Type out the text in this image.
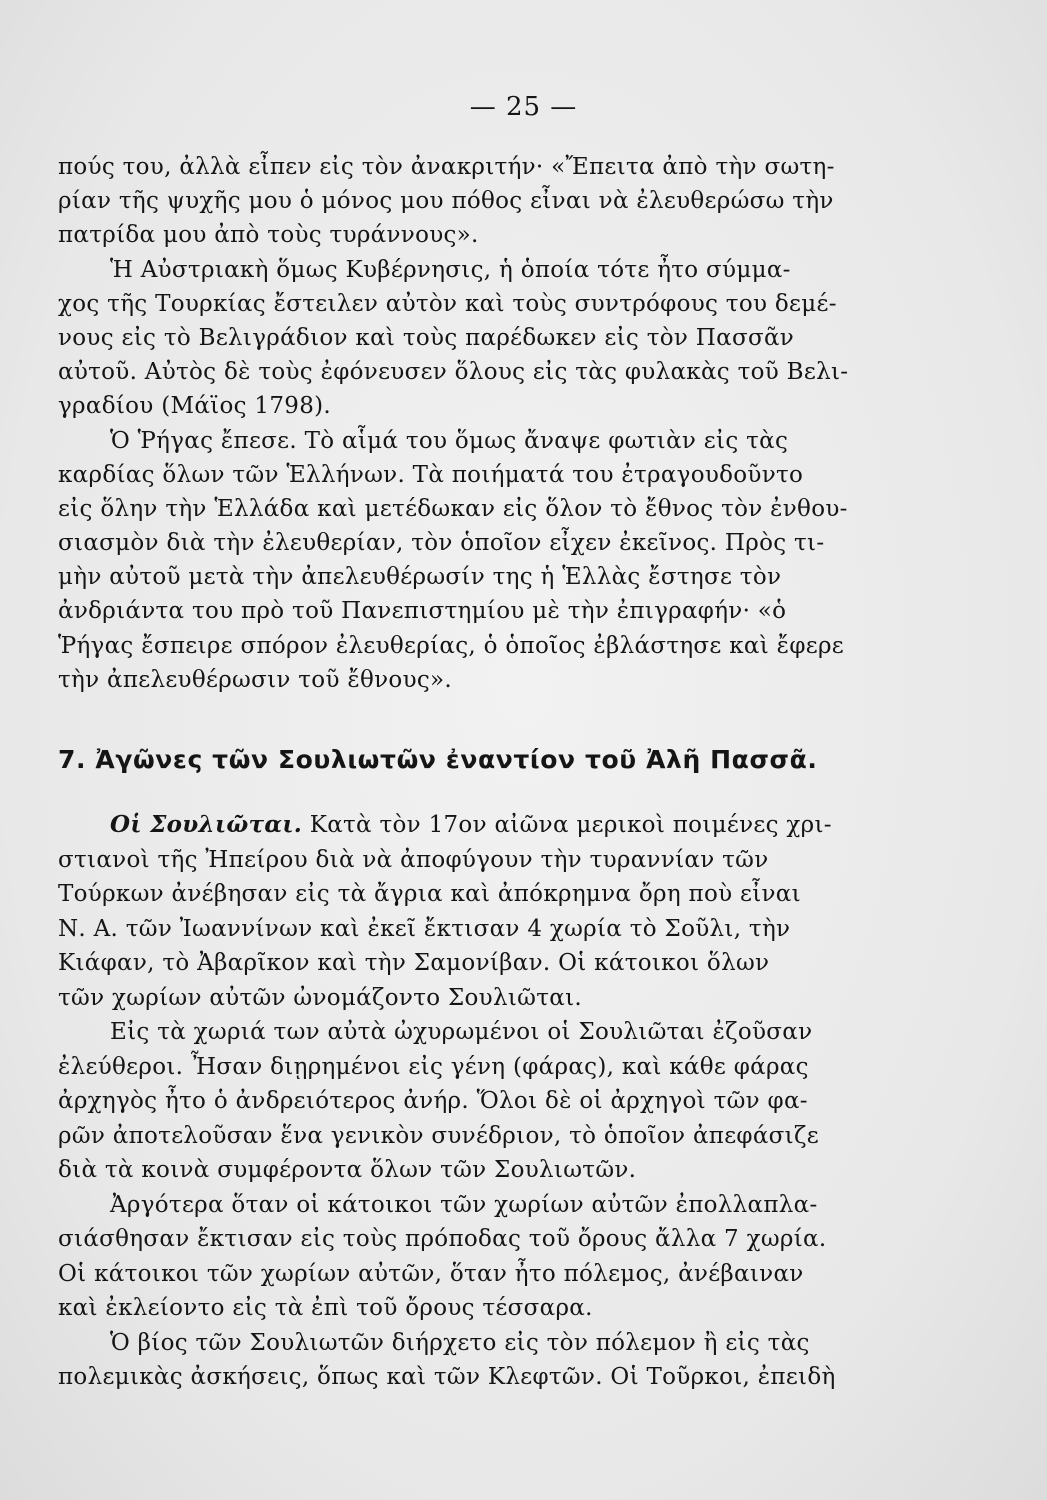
— 25 —
πούς του, ἀλλὰ εἶπεν εἰς τὸν ἀνακριτήν· «Ἔπειτα ἀπὸ τὴν σωτη-
ρίαν τῆς ψυχῆς μου ὁ μόνος μου πόθος εἶναι νὰ ἐλευθερώσω τὴν
πατρίδα μου ἀπὸ τοὺς τυράννους».
Ἡ Αὐστριακὴ ὅμως Κυβέρνησις, ἡ ὁποία τότε ἦτο σύμμα-
χος τῆς Τουρκίας ἔστειλεν αὐτὸν καὶ τοὺς συντρόφους του δεμέ-
νους εἰς τὸ Βελιγράδιον καὶ τοὺς παρέδωκεν εἰς τὸν Πασσᾶν
αὐτοῦ. Αὐτὸς δὲ τοὺς ἐφόνευσεν ὅλους εἰς τὰς φυλακὰς τοῦ Βελι-
γραδίου (Μάϊος 1798).
Ὁ Ῥήγας ἔπεσε. Τὸ αἷμά του ὅμως ἄναψε φωτιὰν εἰς τὰς
καρδίας ὅλων τῶν Ἑλλήνων. Τὰ ποιήματά του ἐτραγουδοῦντο
εἰς ὅλην τὴν Ἑλλάδα καὶ μετέδωκαν εἰς ὅλον τὸ ἔθνος τὸν ἐνθου-
σιασμὸν διὰ τὴν ἐλευθερίαν, τὸν ὁποῖον εἶχεν ἐκεῖνος. Πρὸς τι-
μὴν αὐτοῦ μετὰ τὴν ἀπελευθέρωσίν της ἡ Ἑλλὰς ἔστησε τὸν
ἀνδριάντα του πρὸ τοῦ Πανεπιστημίου μὲ τὴν ἐπιγραφήν· «ὁ
Ῥήγας ἔσπειρε σπόρον ἐλευθερίας, ὁ ὁποῖος ἐβλάστησε καὶ ἔφερε
τὴν ἀπελευθέρωσιν τοῦ ἔθνους».
7. Ἀγῶνες τῶν Σουλιωτῶν ἐναντίον τοῦ Ἀλῆ Πασσᾶ.
Οἱ Σουλιῶται. Κατὰ τὸν 17ον αἰῶνα μερικοὶ ποιμένες χρι-
στιανοὶ τῆς Ἠπείρου διὰ νὰ ἀποφύγουν τὴν τυραννίαν τῶν
Τούρκων ἀνέβησαν εἰς τὰ ἄγρια καὶ ἀπόκρημνα ὄρη ποὺ εἶναι
Ν. Α. τῶν Ἰωαννίνων καὶ ἐκεῖ ἔκτισαν 4 χωρία τὸ Σοῦλι, τὴν
Κιάφαν, τὸ Ἀβαρῖκον καὶ τὴν Σαμονίβαν. Οἱ κάτοικοι ὅλων
τῶν χωρίων αὐτῶν ὠνομάζοντο Σουλιῶται.
Εἰς τὰ χωριά των αὐτὰ ὠχυρωμένοι οἱ Σουλιῶται ἐζοῦσαν
ἐλεύθεροι. Ἦσαν διῃρημένοι εἰς γένη (φάρας), καὶ κάθε φάρας
ἀρχηγὸς ἦτο ὁ ἀνδρειότερος ἀνήρ. Ὅλοι δὲ οἱ ἀρχηγοὶ τῶν φα-
ρῶν ἀποτελοῦσαν ἕνα γενικὸν συνέδριον, τὸ ὁποῖον ἀπεφάσιζε
διὰ τὰ κοινὰ συμφέροντα ὅλων τῶν Σουλιωτῶν.
Ἀργότερα ὅταν οἱ κάτοικοι τῶν χωρίων αὐτῶν ἐπολλαπλα-
σιάσθησαν ἔκτισαν εἰς τοὺς πρόποδας τοῦ ὄρους ἄλλα 7 χωρία.
Οἱ κάτοικοι τῶν χωρίων αὐτῶν, ὅταν ἦτο πόλεμος, ἀνέβαιναν
καὶ ἐκλείοντο εἰς τὰ ἐπὶ τοῦ ὄρους τέσσαρα.
Ὁ βίος τῶν Σουλιωτῶν διήρχετο εἰς τὸν πόλεμον ἢ εἰς τὰς
πολεμικὰς ἀσκήσεις, ὅπως καὶ τῶν Κλεφτῶν. Οἱ Τοῦρκοι, ἐπειδὴ
